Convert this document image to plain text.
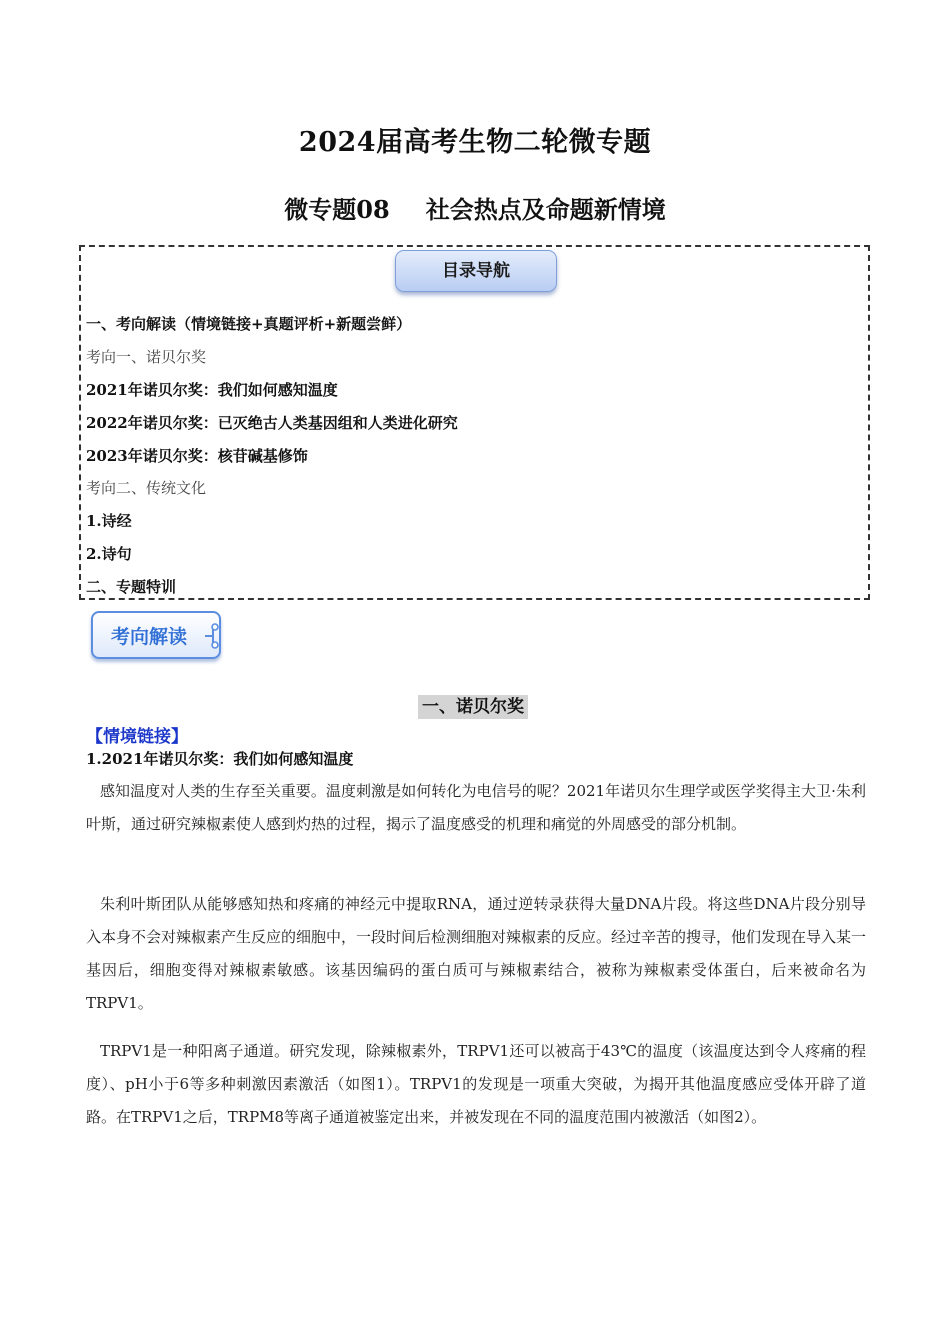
2024届高考生物二轮微专题
微专题08 社会热点及命题新情境
目录导航
一、考向解读（情境链接+真题评析+新题尝鲜）
考向一、诺贝尔奖
2021年诺贝尔奖：我们如何感知温度
2022年诺贝尔奖：已灭绝古人类基因组和人类进化研究
2023年诺贝尔奖：核苷碱基修饰
考向二、传统文化
1.诗经
2.诗句
二、专题特训
考向解读
一、诺贝尔奖
【情境链接】
1.2021年诺贝尔奖：我们如何感知温度
感知温度对人类的生存至关重要。温度刺激是如何转化为电信号的呢？2021年诺贝尔生理学或医学奖得主大卫·朱利叶斯，通过研究辣椒素使人感到灼热的过程，揭示了温度感受的机理和痛觉的外周感受的部分机制。
朱利叶斯团队从能够感知热和疼痛的神经元中提取RNA，通过逆转录获得大量DNA片段。将这些DNA片段分别导入本身不会对辣椒素产生反应的细胞中，一段时间后检测细胞对辣椒素的反应。经过辛苦的搜寻，他们发现在导入某一基因后，细胞变得对辣椒素敏感。该基因编码的蛋白质可与辣椒素结合，被称为辣椒素受体蛋白，后来被命名为TRPV1。
TRPV1是一种阳离子通道。研究发现，除辣椒素外，TRPV1还可以被高于43℃的温度（该温度达到令人疼痛的程度）、pH小于6等多种刺激因素激活（如图1）。TRPV1的发现是一项重大突破，为揭开其他温度感应受体开辟了道路。在TRPV1之后，TRPM8等离子通道被鉴定出来，并被发现在不同的温度范围内被激活（如图2）。
